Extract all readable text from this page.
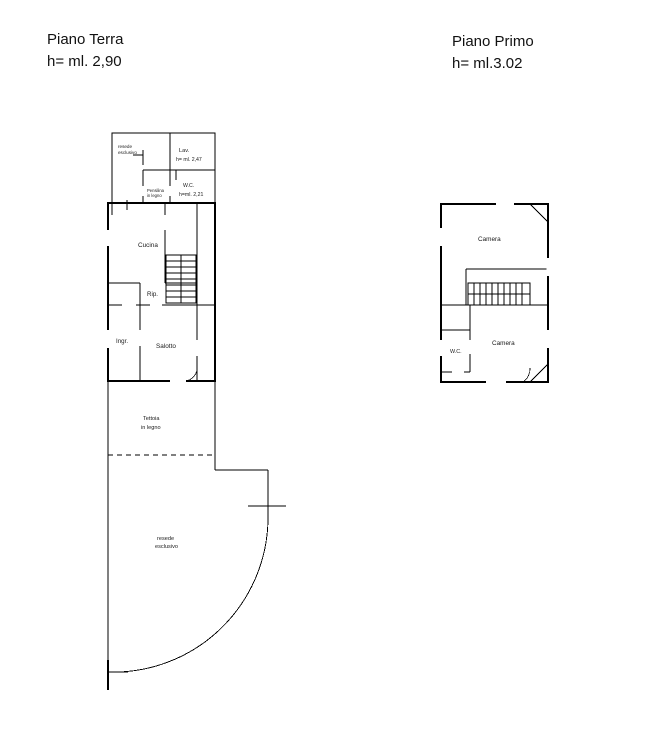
Piano Terra
h= ml. 2,90
Piano Primo
h= ml.3.02
resede
esclusivo	Lav.
h= ml. 2,47
Pensilina
in legno
W.C.
h=ml. 2,21
Cucina
Rip.
Ingr.
Salotto
Tettoia
in legno
resede
esclusivo
Camera
Camera
W.C.
